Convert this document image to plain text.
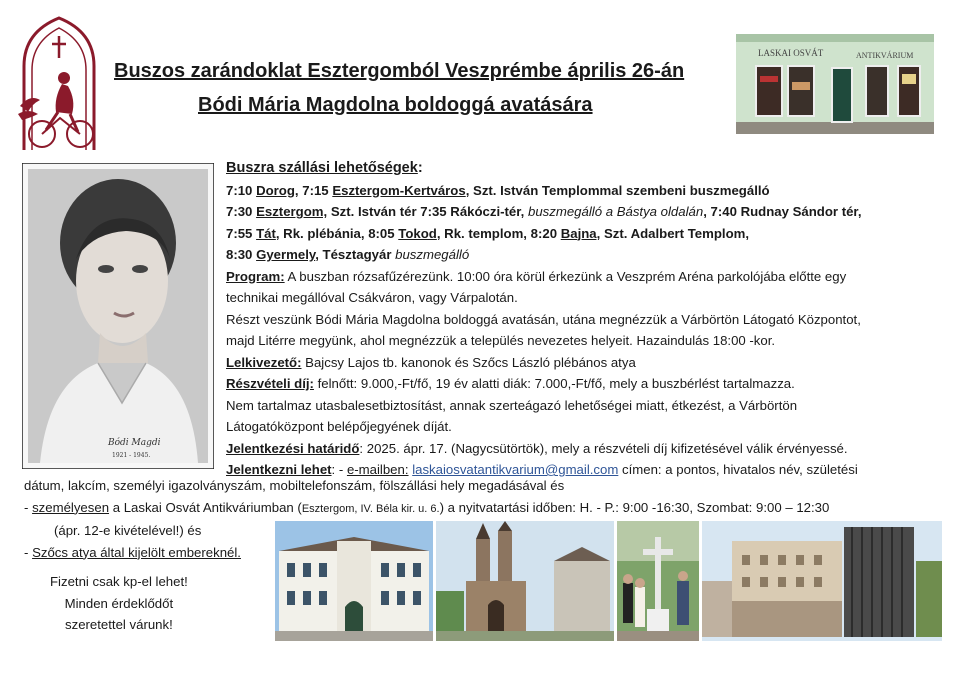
Buszos zarándoklat Esztergomból Veszprémbe április 26-án
Bódi Mária Magdolna boldoggá avatására
LASKAI OSVÁT	ANTIKVÁRIUM
Bódi Magdi
1921 - 1945.

Buszra szállási lehetőségek:

7:10 Dorog, 7:15 Esztergom-Kertváros, Szt. István Templommal szembeni buszmegálló

7:30 Esztergom, Szt. István tér 7:35 Rákóczi-tér, buszmegálló a Bástya oldalán, 7:40 Rudnay Sándor tér,

7:55 Tát, Rk. plébánia, 8:05 Tokod, Rk. templom, 8:20 Bajna, Szt. Adalbert Templom,

8:30 Gyermely, Tésztagyár buszmegálló

Program: A buszban rózsafűzérezünk. 10:00 óra körül érkezünk a Veszprém Aréna parkolójába előtte egy

technikai megállóval Csákváron, vagy Várpalotán.

Részt veszünk Bódi Mária Magdolna boldoggá avatásán, utána megnézzük a Várbörtön Látogató Központot,

majd Litérre megyünk, ahol megnézzük a település nevezetes helyeit. Hazaindulás 18:00 -kor.

Lelkivezető: Bajcsy Lajos tb. kanonok és Szőcs László plébános atya

Részvételi díj: felnőtt: 9.000,-Ft/fő, 19 év alatti diák: 7.000,-Ft/fő, mely a buszbérlést tartalmazza.

Nem tartalmaz utasbalesetbiztosítást, annak szerteágazó lehetőségei miatt, étkezést, a Várbörtön

Látogatóközpont belépőjegyének díját.

Jelentkezési határidő: 2025. ápr. 17. (Nagycsütörtök), mely a részvételi díj kifizetésével válik érvényessé.

Jelentkezni lehet: - e-mailben: laskaiosvatantikvarium@gmail.com címen: a pontos, hivatalos név, születési

dátum, lakcím, személyi igazolványszám, mobiltelefonszám, fölszállási hely megadásával és

- személyesen a Laskai Osvát Antikváriumban (Esztergom, IV. Béla kir. u. 6.) a nyitvatartási időben: H. - P.: 9:00 -16:30, Szombat: 9:00 – 12:30

(ápr. 12-e kivételével!) és

- Szőcs atya által kijelölt embereknél.

Fizetni csak kp-el lehet!

Minden érdeklődőt

szeretettel várunk!
